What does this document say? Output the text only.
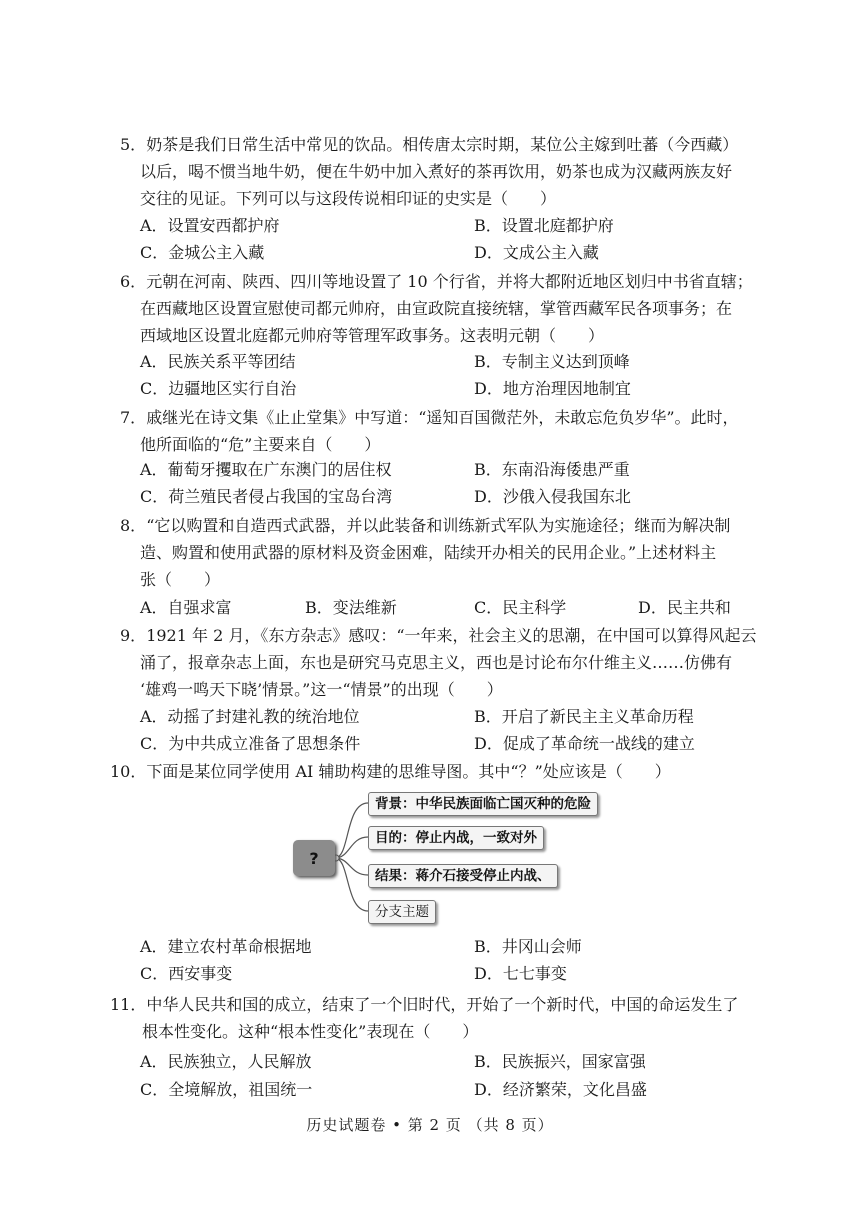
5．奶茶是我们日常生活中常见的饮品。相传唐太宗时期，某位公主嫁到吐蕃（今西藏）
以后，喝不惯当地牛奶，便在牛奶中加入煮好的茶再饮用，奶茶也成为汉藏两族友好
交往的见证。下列可以与这段传说相印证的史实是（　　）
A．设置安西都护府	B．设置北庭都护府
C．金城公主入藏	D．文成公主入藏
6．元朝在河南、陕西、四川等地设置了 10 个行省，并将大都附近地区划归中书省直辖；
在西藏地区设置宣慰使司都元帅府，由宣政院直接统辖，掌管西藏军民各项事务；在
西域地区设置北庭都元帅府等管理军政事务。这表明元朝（　　）
A．民族关系平等团结	B．专制主义达到顶峰
C．边疆地区实行自治	D．地方治理因地制宜
7．戚继光在诗文集《止止堂集》中写道：“遥知百国微茫外，未敢忘危负岁华”。此时，
他所面临的“危”主要来自（　　）
A．葡萄牙攫取在广东澳门的居住权	B．东南沿海倭患严重
C．荷兰殖民者侵占我国的宝岛台湾	D．沙俄入侵我国东北
8．“它以购置和自造西式武器，并以此装备和训练新式军队为实施途径；继而为解决制
造、购置和使用武器的原材料及资金困难，陆续开办相关的民用企业。”上述材料主
张（　　）
A．自强求富	B．变法维新	C．民主科学	D．民主共和
9．1921 年 2 月，《东方杂志》感叹：“一年来，社会主义的思潮，在中国可以算得风起云
涌了，报章杂志上面，东也是研究马克思主义，西也是讨论布尔什维主义……仿佛有
‘雄鸡一鸣天下晓’情景。”这一“情景”的出现（　　）
A．动摇了封建礼教的统治地位	B．开启了新民主主义革命历程
C．为中共成立准备了思想条件	D．促成了革命统一战线的建立
10．下面是某位同学使用 AI 辅助构建的思维导图。其中“？”处应该是（　　）
?
背景：中华民族面临亡国灭种的危险
目的：停止内战，一致对外
结果：蒋介石接受停止内战、
分支主题
A．建立农村革命根据地	B．井冈山会师
C．西安事变	D．七七事变
11．中华人民共和国的成立，结束了一个旧时代，开始了一个新时代，中国的命运发生了
根本性变化。这种“根本性变化”表现在（　　）
A．民族独立，人民解放	B．民族振兴，国家富强
C．全境解放，祖国统一	D．经济繁荣，文化昌盛
历史试题卷 • 第 2 页 （共 8 页）
